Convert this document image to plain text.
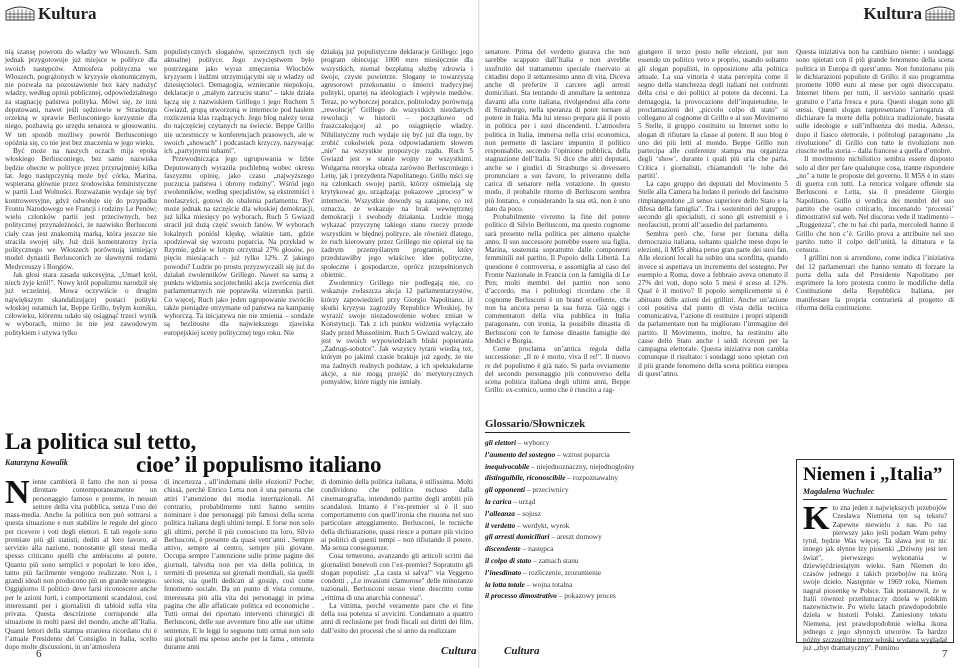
Kultura

nią szansę powrotu do władzy we Włoszech. Sam jednak przygotowuje już miejsce w polityce dla swoich następców. Atmosfera polityczna we Włoszech, pogrążonych w kryzysie ekonomicznym, nie pozwala na pozostawienie bez kary nadużyć władzy, według opinii publicznej, odpowiedzialnego za stagnację państwa polityka. Mówi się, że inni deputowani, nawet jeśli sędziowie w Strasburgu orzekną w sprawie Berlusconiego korzystnie dla niego, pozbawią go urzędu senatora w głosowaniu. W ten sposób możliwy powrót Berlusconiego opóźnia się, co nie jest bez znaczenia w jego wieku.

Być może na naszych oczach mija epoka włoskiego Berlusconiego, bez samo nazwiska będzie obecne w polityce przez przynajmniej kilka lat. Jego następczynią może być córka, Marina, wspierana głównie przez środowiska feministyczne w partii Lud Wolności. Rozważanie wydaje się być kontrowersyjne, gdyż odwołuje się do przypadku Frontu Narodowego we Francji i rodziny Le Penów; wielu członków partii jest przeciwnych, bez politycznej przynależności, że nazwisko Berlusconi ciały czas jest znakomitą marką, która jeszcze nie straciła swojej siły. Już dziś komentatorzy życia politycznego we Włoszech porównują istniejący model dynastii Berlusconich ze sławnymi rodami Medyceuszy i Borgiów.

Jak głosi stara zasada sukcesyjna, „Umarł król, niech żyje król!". Nowy król populizmu narodził się już wcześniej. Mowa oczywiście o drugim największym skandalizującej postaci polityki włoskiej ostatnich lat, Beppe Grillo, byłym komiku, człowieku, któremu udało się osiągnąć trzeci wynik w wyborach, mimo że nie jest zawodowym politykiem i używa tylko

populistycznych sloganów, sprzecznych tych się aktualnej polityce. Jego zwycięstwem było postrzegane jako wyraz zmęczenia Włochów kryzysem i ludźmi utrzymującymi się u władzy od dziesięcioleci. Demagogia, wzniecanie niepokoju, deklaracje o „małym zarzuciu stanu" – takie działa łączą się z nazwiskiem Grillego i jego Ruchem 5 Gwiazd, grupą utworzoną w internecie pod hasłem rozliczenia klas rządzących. Jego blog należy teraz do najczęściej czytanych na świecie. Beppe Grillo nie uczestniczy w konferencjach prasowych, ale w swoich „showach" i podcastach krzyczy, nazywając ich „partyjnymi tubami".

Przewodnicząca jego ugrupowania w Izbie Deputowanych wyraziła pochlebną wobec okresu faszyzmu opinię, jako czasu „najwyższego poczucia państwa i obrony rodziny". Wśród jego zwolenników, według specjalistów, są ekstremiści i neofaszyści, gotowi do obalenia parlamentu. Być może jednak na szczęście dla włoskiej demokracji, już kilka miesięcy po wyborach, Ruch 5 Gwiazd stracił już dużą część swoich fanów. W wyborach lokalnych poniósł klęskę, właśnie tam, gdzie spodziewał się wzrostu poparcia. Na przykład w Rzymie, gdzie w lutym otrzymał 27% głosów, po pięciu miesiącach – już tylko 12%. Z jakiego powodu? Ludzie po prostu przyzwyczaili się już do działań zwolenników Grillego. Nawet na samą z punktu widzenia socjotechniki akcja zwrócenia diet parlamentarnych nie poprawiła wizerunku partii. Co więcej, Ruch jako jeden ugrupowanie zwróciło także pieniądze otrzymane od państwa na kampanię wyborczą. Ta inicjatywa nie nie zmienia – sondaże są bezlitosne dla najwiekszego zjawiska europejskiej sceny politycznej tego roku. Nie

działają już populistyczne deklaracje Grillego: jego program obiecując 1000 euro miesięcznie dla wszystkich, niemal bezpłatną służbę zdrowia i śwoje, czyste powietrze. Slogany te towarzyszą agresorowi przekonaniu o śmierci tradycyjnej polityki, opartej na ideologiach i wpływie mediów. Teraz, po wyborczej porażce, politolodzy porównują „rewolucję" Grillego do wszystkich niezdanych rewolucji w historii – początkowo od fraszczakującej aż po osiągnięcie władzy. Nihilistyczny ruch wydaje się być już dla tego, by zrobić cokolwiek poza odpowiadaniem słowem „nie" na wszystkie propozycje rządu. Ruch 5 Gwiazd jest w stanie wojny ze wszystkimi. Wulgarna retoryka obraża zarówno Berlusconiego i Lettę, jak i prezydenta Napolitanego. Grillo mści się na członkach swojej partii, którzy ośmielają się krytykować go, urządzając pokazowe „procesy" w internecie. Wszystkie dowody są zatajone, co też oznacza, że wskazuje na brak wewnętrznej demokracji i swobody działania. Ludzie mogą wykazać przyczynę takiego stanu rzeczy przede wszystkim w błędnej polityce, ale również dlatego, że ruch kierowany przez Grillego nie opierał się na żadnym przemyślanym programie, który przedstawiłby jego właściwe idee polityczne, społeczne i gospodarcze, oprócz przepełnionych obietnic.

Zwolennicy Grillego nie podlegają nie, co wskazuje zwłaszcza akcja 12 parlamentarzystów, którzy zapowiedzieli przy Giorgio Napolitano, iż skutki kryzysu zagroziły Republice Włoskiej, by wyrazić swoje niezadowolenie wobec zmian w Konstytucji. Tak z ich punktu widzenia wyłączało ślady przed Mussolinim. Ruch 5 Gwiazd walczy, ale jest w swoich wypowiedziach bliski popierania „Zadrugi-sobotce". Jak wszyscy tyrani wiedzą też, którym po jakimś czasie brakuje już zgody, że nie ma żadnych realnych podstaw, a ich spektakularne akcje, a nie mogą przejść do merytorycznych pomysłów, które nigdy nie istniały.

La politica sul tetto,
Katarzyna Kowalik	cioe’ il populismo italiano
N iente cambierà il fatto che non si possa dirottare contemporaneamente un personaggio famoso e potente, in nessun settore della vita pubblica, senza l’uso dei mass-media. Anche la politica non può sottrarsi a questa situazione e non stabilire le regole del gioco per ricevere i voti degli elettori. E tali regole sono premiate più gli statisti, dediti al loro lavoro, al servizio alla nazione, nonostante gli stessi media spesso criticano quelli che ambiscono al potere. Quanto più sono semplici e popolari le loro idee, tanto più facilmente vengono realizzate. Non i, i grandi ideali non producono più un grande sostegno. Oggigiorno il politico deve farsi riconoscere anche per le azioni forti, i comportamenti scandalosi, così interessanti per i giornalisti di tabloid sulla vita privata. Questa descrizione corrisponde alla situazione in molti paesi del mondo, anche all’Italia. Quanti lettori della stampa straniera ricordano chi è l’attuale Presidente del Consiglio in Italia, sceltо dopo molte discussioni, in un’atmosfera
di incertezza , all’indomani delle elezioni? Poche; chissà, perché Enrico Letta non è una persona che attiri l’attenzione dei media internazionali. Al contrario, probabilmente tutti hanno sentito nominare i due personaggi più famosi della scena politica italiana degli ultimi tempi. E forse non solo gli ultimi, perché il più conosciuto tra loro, Silvio Berlusconi, è presente da quasi vent’anni . Sempre attivo, sempre al centro, sempre più giovane. Occupa sempre l’attenzione sulle prime pagine dei giornali, talvolta non per via della politica, in termini di presenza sui giornali mondiali, sia quelli seriosi, sia quelli dedicati al gossip, così come fenomeno sociale. Da un punto di vista comune, interessata più alla vita dei personaggi in prima pagina che alle affaticate politica ed economiche . Tutti ormai dei riportato interventi chirurgici di Berlusconi, delle sue avventure fino alle sue ultime sentenze. E le leggi lo seguono tutti ormai non solo sui giornali ma spesso anche per la fama , ottenuta durante anni

di dominio della politica italiana, è utilissima. Molti condividono che politico escluso dalla cinematografia, intendendo partite degli ambiti più scandalosi. Intanto è l’ex-premier si è il suo comportamento con quell’ironia che risuona nel suo particolare atteggiamento. Berlusconi, le tecniche della dichiarazione, quasi riesce a portare più vicino ai politici di questi tempi – non rifiutando il potere. Ma senza conseguenze.

Cosa temerono, avanzando gli articoli scritti dai giornalisti benevoli con l’ex-premier? Sopratutto gli slogan populisti: „La casta si salva!" via Veggeno condotti , „Le invasioni clamorose" delle minoranze nazionali. Berlusconi stesso viene descritto come „vittima di una anarchia connessa".

La vittima, perché veramente pare che ei fine della sua potenza si avvicini. Condannato a quattro anni di reclusione per frodi fiscali sui diritti dei film, dall’esito dei processi che si anno da realizzare

6	Cultura
Kultura

senatore. Prima del verdetto giurava che non sarebbe scappato dall’Italia e non avrebbe usufruito del trattamento speciale riservato ai cittadini dopo il settantesimo anno di vita. Diceva anche di preferire il carcere agli arresti domiciliari. Sta tentando di annullare la sentenza davanti alla corte italiana, rivolgendosi alla corte di Strasburgo, nella speranza di poter tornare al potere in Italia. Ma lui stesso prepara già il posto in politica per i suoi discendenti. L’atmosfera politica in Italia, immersa nella crisi economica, non permette di lasciare impunito il politico responsabile, secondo l’opinione pubblica, della stagnazione dell’Italia. Si dice che altri deputati, anche se i giudici di Strasburgo si dovessero pronunciare a suo favore, lo priveranno della carica di senatore nella votazione. In questo modo, il probabile ritorno di Berlusconi sembra più lontano, e considerando la sua età, non è uno dato da poco.

Probabilmente vivremo la fine del potere politico di Silvio Berlusconi, ma questo cognome sarà presente nella politica per almeno qualche anno. Il suo successore potrebbe essere sua figlia, Marina, sostenuta soprattutto dalle componenti femminili nel partito, Il Popolo della Libertà. La questione è controversa, e assomiglia al caso del Fronte Nazionale in Francia con la famiglia di Le Pen; molti membri del partito non sono d’accordo, ma i politologi ricordano che il cognome Berlusconi è un brand eccellente, che non ha ancora perso la sua forza. Già oggi i commentatori della vita pubblica in Italia paragonano, con ironia, la possibile dinastia di Berlusconi con le famose dinastie famiglie dei Medici e Borgia.

Come proclama un’antica regola della successione: „Il re è morto, viva il re!". Il nuovo re del populismo è già nato. Si parla ovviamente del secondo personaggio più controverso della scena politica italiana degli ultimi anni, Beppe Grillo: ex-comico, uomo che è riuscito a rag-

giungere il terzo posto nelle elezioni, pur non essendo un politico vero e proprio, usando soltanto gli slogan populisti, in opposizione alla politica attuale. La sua vittoria è stata percepita come il segno della stanchezza degli italiani nei confronti della crisi e dei politici al potere da decenni. La demagogia, la provocazione dell’inquietudine, le proclamazioni del „piccolo colpo di stato" si collegano al cognome di Grillo e al suo Movimento 5 Stelle, il gruppo costituito su Internet sotto lo slogan di rifiutare la classe al potere. Il suo blog è uno dei più letti al mondo. Beppe Grillo non partecipa alle conferenze stampa ma organizza degli ‘show’, durante i quali più urla che parla. Critica i giornalisti, chiamandoli ‘le tube dei partiti’.

La capo gruppo dei deputati del Movimento 5 Stelle alla Camera ha lodato il periodo del fascismo rimpiangendone „il senso superiore dello Stato e la difesa della famiglia". Tra i sostenitori del gruppo, secondo gli specialisti, ci sono gli estremisti e i neofascisti, pronti all’assedio del parlamento.

Sembra però che, forse per fortuna della democrazia italiana, soltanto qualche mese dopo le elezioni, il M5S abbia perso gran parte dei suoi fan. Alle elezioni locali ha subito una sconfitta, quando invece si aspettava un incremento del sostegno. Per esempio a Roma, dove a febbraio aveva ottenuto il 27% dei voti, dopo solo 5 mesi è sceso al 12%. Qual è il motivo? Il popolo semplicemente si è abituato delle azioni dei grillini. Anche un’azione così positiva dal punto di vista della tecnica comunicativa, l’azione di restituire i propri stipendi da parlamentare non ha migliorato l’immagine del partito. Il Movimento, inoltre, ha restituito alle casse dello Stato anche i soldi ricevuti per la campagna elettorale. Questa iniziativa non cambia comunque il risultato: i sondaggi sono spietati con il più grande fenomeno della scena politica europea di quest’anno.

Questa iniziativa non ha cambiato niente: i sondaggi sono spietati con il più grande fenomeno della scena politica in Europa di quest’anno. Non funzionano più le dichiarazioni populiste di Grillo: il suo programma promette 1000 euro al mese per ogni disoccupato. Internet libero per tutti, il servizio sanitario quasi gratuito e l’aria fresca e pura. Questi slogan sono gli stessi. Questi slogan rappresentano l’arroganza di dichiarare la morte della politica tradizionale, basata sulle ideologie e sull’influenza dei media. Adesso, dopo il fiasco elettorale, i politologi paragonano „la rivoluzione" di Grillo con tutte le rivoluzioni non riuscite nella storia – dalla francese a quella d’ottobre.

Il movimento nichilistico sembra essere disposto solo al dire per fare qualunque cosa, tranne rispondere „no" a tutte le proposte del governo. Il M5S è in stato di guerra con tutti. La retorica volgare offende sia Berlusconi e Letta, sia il presidente Giorgio Napolitano. Grillo si vendica dei membri del suo partito che osano criticarlo, inscenando ‘processi’ dimostrativi sul web. Nel discorso vede il tradimento – „Ruggenzza", che tu hai chi parla, mercoledì hanno il Grillo che non c’è. Grillo prova a attribuire nel suo partito tutto il colpo dell’unità, la dittatura e la censura.

I grillini non si arrendono, come indica l’iniziativa dei 12 parlamentari che hanno tentato di forzare la porta della sala del Presidente Napolitano per esprimere la loro protesta contro le modifiche della Costituzione della Repubblica Italiana, per manifestare la propria contrarietà al progetto di riforma della costituzione.

Glossario/Słowniczek
gli elettori – wyborcy
l’aumento del sostegno – wzrost poparcia
inequivocabile – niejednoznaczny, niejednoglośny
distinguibile, riconoscibile – rozpoznawalny
gli opponenti – przeciwnicy
la carica – urząd
l’alleanza – sojusz
il verdetto – werdykt, wyrok
gli arresti domiciliari – areszt domowy
discendente – następca
il colpo di stato – zamach stanu
l’inesdinato – rozliczenie, zrozumienie
la lotta totale – wojna totalna
il processo dimostrativo – pokazowy proces
Niemen i „Italia”
Magdalena Wachulec
K to zna jeden z największych przebojów Czesława Niemena ten są tekstu? Zapewne niewielu z nas. Po raz pierwszy jako jeśli podam Wam pełny tytuł, będzie Was więcej. Ta sława jest to nic innego jak słynne łzy piosenki „Dziwny jest ten świat", pierwszego wykonania w dziewięćdziesiątym wieku. Sam Niemen do czasów jednego z takich przebojów na którą swoje dzieło. Następnie w 1969 roku, Niemen nagrał piosenkę w Polsce. Tak postanowił, że w Italii również przetłumaczy dzieła w polskim nazewnictwie. Po wielu latach prawdopodobnie dzieła w historii Polski. Zaniesiony tekstu Niemena, jest prawdopodobnie wielka ikona jednego z jego słynnych utworów. Ta bardzo późny szczególnie przez włoski wydana wyglądał już „zbyt dramatyczny". Pomimo
Cultura	7
